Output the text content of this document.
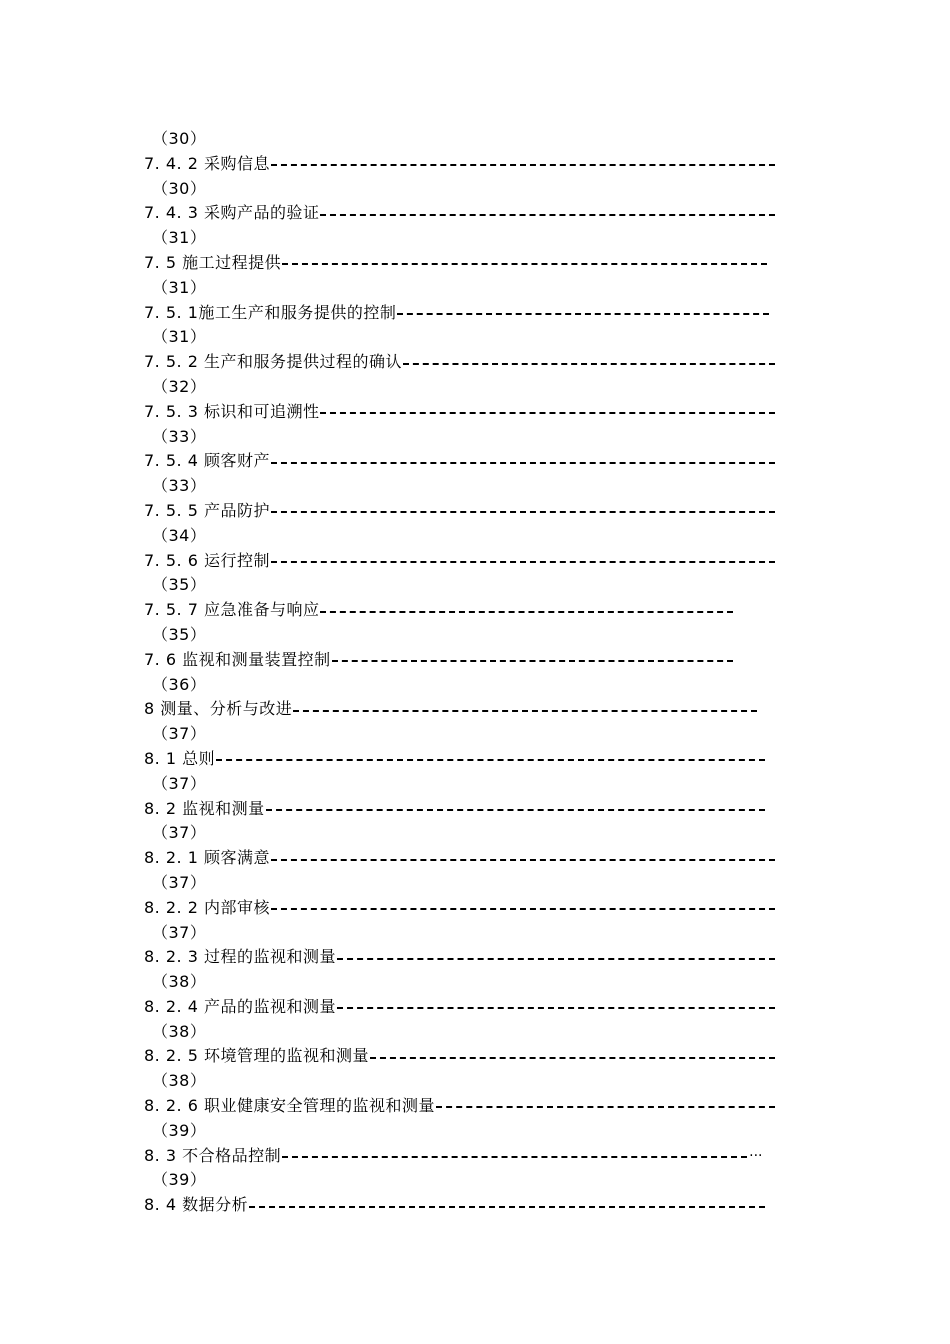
（30）
7. 4. 2 采购信息
（30）
7. 4. 3 采购产品的验证
（31）
7. 5 施工过程提供
（31）
7. 5. 1施工生产和服务提供的控制
（31）
7. 5. 2 生产和服务提供过程的确认
（32）
7. 5. 3 标识和可追溯性
（33）
7. 5. 4 顾客财产
（33）
7. 5. 5 产品防护
（34）
7. 5. 6 运行控制
（35）
7. 5. 7 应急准备与响应
（35）
7. 6 监视和测量装置控制
（36）
8 测量、分析与改进
（37）
8. 1 总则
（37）
8. 2 监视和测量
（37）
8. 2. 1 顾客满意
（37）
8. 2. 2 内部审核
（37）
8. 2. 3 过程的监视和测量
（38）
8. 2. 4 产品的监视和测量
（38）
8. 2. 5 环境管理的监视和测量
（38）
8. 2. 6 职业健康安全管理的监视和测量
（39）
8. 3 不合格品控制	···
（39）
8. 4 数据分析
